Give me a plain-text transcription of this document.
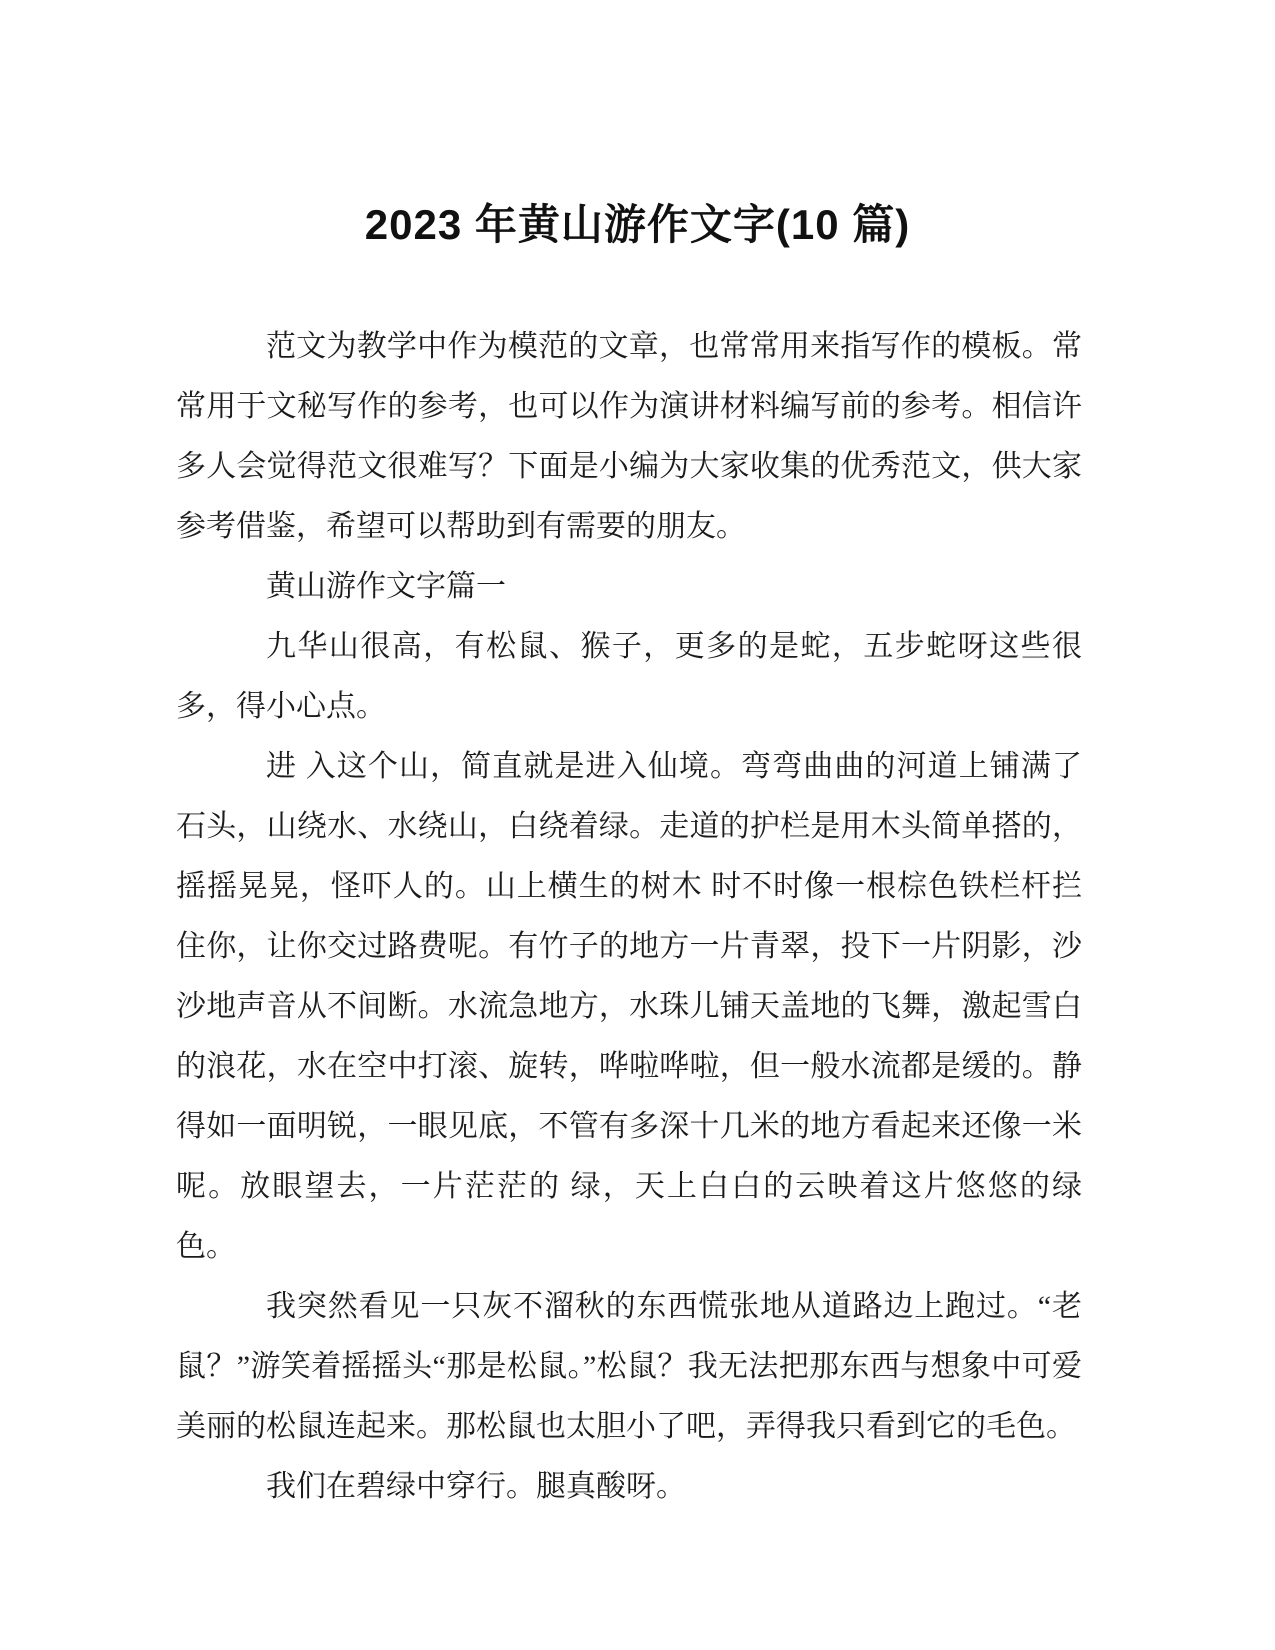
2023 年黄山游作文字(10 篇)

范文为教学中作为模范的文章，也常常用来指写作的模板。常常用于文秘写作的参考，也可以作为演讲材料编写前的参考。相信许多人会觉得范文很难写？下面是小编为大家收集的优秀范文，供大家参考借鉴，希望可以帮助到有需要的朋友。

黄山游作文字篇一

九华山很高，有松鼠、猴子，更多的是蛇，五步蛇呀这些很多，得小心点。

进 入这个山，简直就是进入仙境。弯弯曲曲的河道上铺满了石头，山绕水、水绕山，白绕着绿。走道的护栏是用木头简单搭的，摇摇晃晃，怪吓人的。山上横生的树木 时不时像一根棕色铁栏杆拦住你，让你交过路费呢。有竹子的地方一片青翠，投下一片阴影，沙沙地声音从不间断。水流急地方，水珠儿铺天盖地的飞舞，激起雪白 的浪花，水在空中打滚、旋转，哗啦哗啦，但一般水流都是缓的。静得如一面明锐，一眼见底，不管有多深十几米的地方看起来还像一米呢。放眼望去，一片茫茫的 绿，天上白白的云映着这片悠悠的绿色。

我突然看见一只灰不溜秋的东西慌张地从道路边上跑过。“老鼠？”游笑着摇摇头“那是松鼠。”松鼠？我无法把那东西与想象中可爱美丽的松鼠连起来。那松鼠也太胆小了吧，弄得我只看到它的毛色。

我们在碧绿中穿行。腿真酸呀。
